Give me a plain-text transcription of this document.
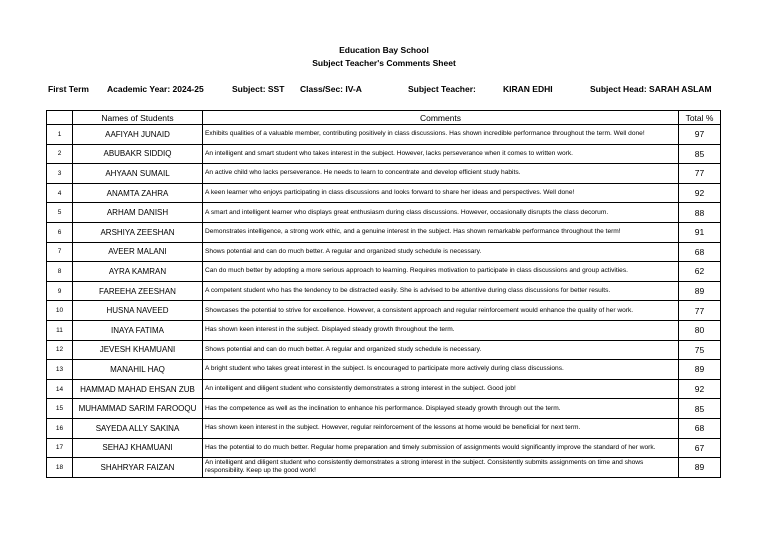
Education Bay School
Subject Teacher's Comments Sheet
First Term Academic Year: 2024-25	Subject: SST Class/Sec: IV-A	Subject Teacher:	KIRAN EDHI	Subject Head: SARAH ASLAM
	Names of Students	Comments	Total %
1	AAFIYAH JUNAID	Exhibits qualities of a valuable member, contributing positively in class discussions. Has shown incredible performance throughout the term. Well done!	97
2	ABUBAKR SIDDIQ	An intelligent and smart student who takes interest in the subject. However, lacks perseverance when it comes to written work.	85
3	AHYAAN SUMAIL	An active child who lacks perseverance. He needs to learn to concentrate and develop efficient study habits.	77
4	ANAMTA ZAHRA	A keen learner who enjoys participating in class discussions and looks forward to share her ideas and perspectives. Well done!	92
5	ARHAM DANISH	A smart and intelligent learner who displays great enthusiasm during class discussions. However, occasionally disrupts the class decorum.	88
6	ARSHIYA ZEESHAN	Demonstrates intelligence, a strong work ethic, and a genuine interest in the subject. Has shown remarkable performance throughout the term!	91
7	AVEER MALANI	Shows potential and can do much better. A regular and organized study schedule is necessary.	68
8	AYRA KAMRAN	Can do much better by adopting a more serious approach to learning. Requires motivation to participate in class discussions and group activities.	62
9	FAREEHA ZEESHAN	A competent student who has the tendency to be distracted easily. She is advised to be attentive during class discussions for better results.	89
10	HUSNA NAVEED	Showcases the potential to strive for excellence. However, a consistent approach and regular reinforcement would enhance the quality of her work.	77
11	INAYA FATIMA	Has shown keen interest in the subject. Displayed steady growth throughout the term.	80
12	JEVESH KHAMUANI	Shows potential and can do much better. A regular and organized study schedule is necessary.	75
13	MANAHIL HAQ	A bright student who takes great interest in the subject. Is encouraged to participate more actively during class discussions.	89
14	HAMMAD MAHAD EHSAN ZUB	An intelligent and diligent student who consistently demonstrates a strong interest in the subject. Good job!	92
15	MUHAMMAD SARIM FAROOQU	Has the competence as well as the inclination to enhance his performance. Displayed steady growth through out the term.	85
16	SAYEDA ALLY SAKINA	Has shown keen interest in the subject. However, regular reinforcement of the lessons at home would be beneficial for next term.	68
17	SEHAJ KHAMUANI	Has the potential to do much better. Regular home preparation and timely submission of assignments would significantly improve the standard of her work.	67
18	SHAHRYAR FAIZAN	An intelligent and diligent student who consistently demonstrates a strong interest in the subject. Consistently submits assignments on time and shows responsibility. Keep up the good work!	89
